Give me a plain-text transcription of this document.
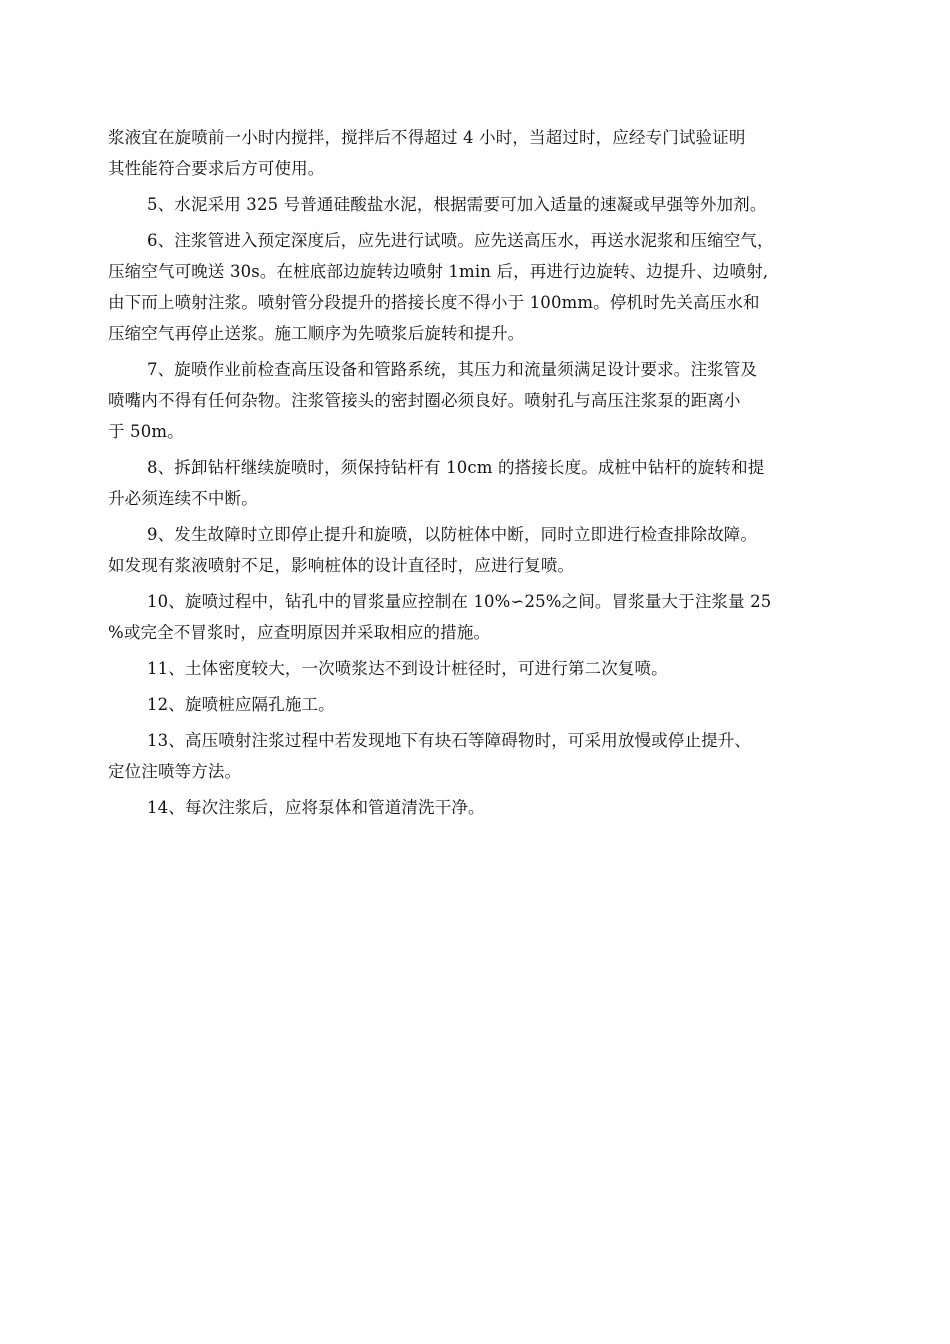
浆液宜在旋喷前一小时内搅拌，搅拌后不得超过 4 小时，当超过时，应经专门试验证明
其性能符合要求后方可使用。

5、水泥采用 325 号普通硅酸盐水泥，根据需要可加入适量的速凝或早强等外加剂。

6、注浆管进入预定深度后，应先进行试喷。应先送高压水，再送水泥浆和压缩空气，
压缩空气可晚送 30s。在桩底部边旋转边喷射 1min 后，再进行边旋转、边提升、边喷射,
由下而上喷射注浆。喷射管分段提升的搭接长度不得小于 100mm。停机时先关高压水和
压缩空气再停止送浆。施工顺序为先喷浆后旋转和提升。

7、旋喷作业前检查高压设备和管路系统，其压力和流量须满足设计要求。注浆管及
喷嘴内不得有任何杂物。注浆管接头的密封圈必须良好。喷射孔与高压注浆泵的距离小
于 50m。

8、拆卸钻杆继续旋喷时，须保持钻杆有 10cm 的搭接长度。成桩中钻杆的旋转和提
升必须连续不中断。

9、发生故障时立即停止提升和旋喷，以防桩体中断，同时立即进行检查排除故障。
如发现有浆液喷射不足，影响桩体的设计直径时，应进行复喷。

10、旋喷过程中，钻孔中的冒浆量应控制在 10%∽25%之间。冒浆量大于注浆量 25
%或完全不冒浆时，应查明原因并采取相应的措施。

11、土体密度较大，一次喷浆达不到设计桩径时，可进行第二次复喷。

12、旋喷桩应隔孔施工。

13、高压喷射注浆过程中若发现地下有块石等障碍物时，可采用放慢或停止提升、
定位注喷等方法。

14、每次注浆后，应将泵体和管道清洗干净。
